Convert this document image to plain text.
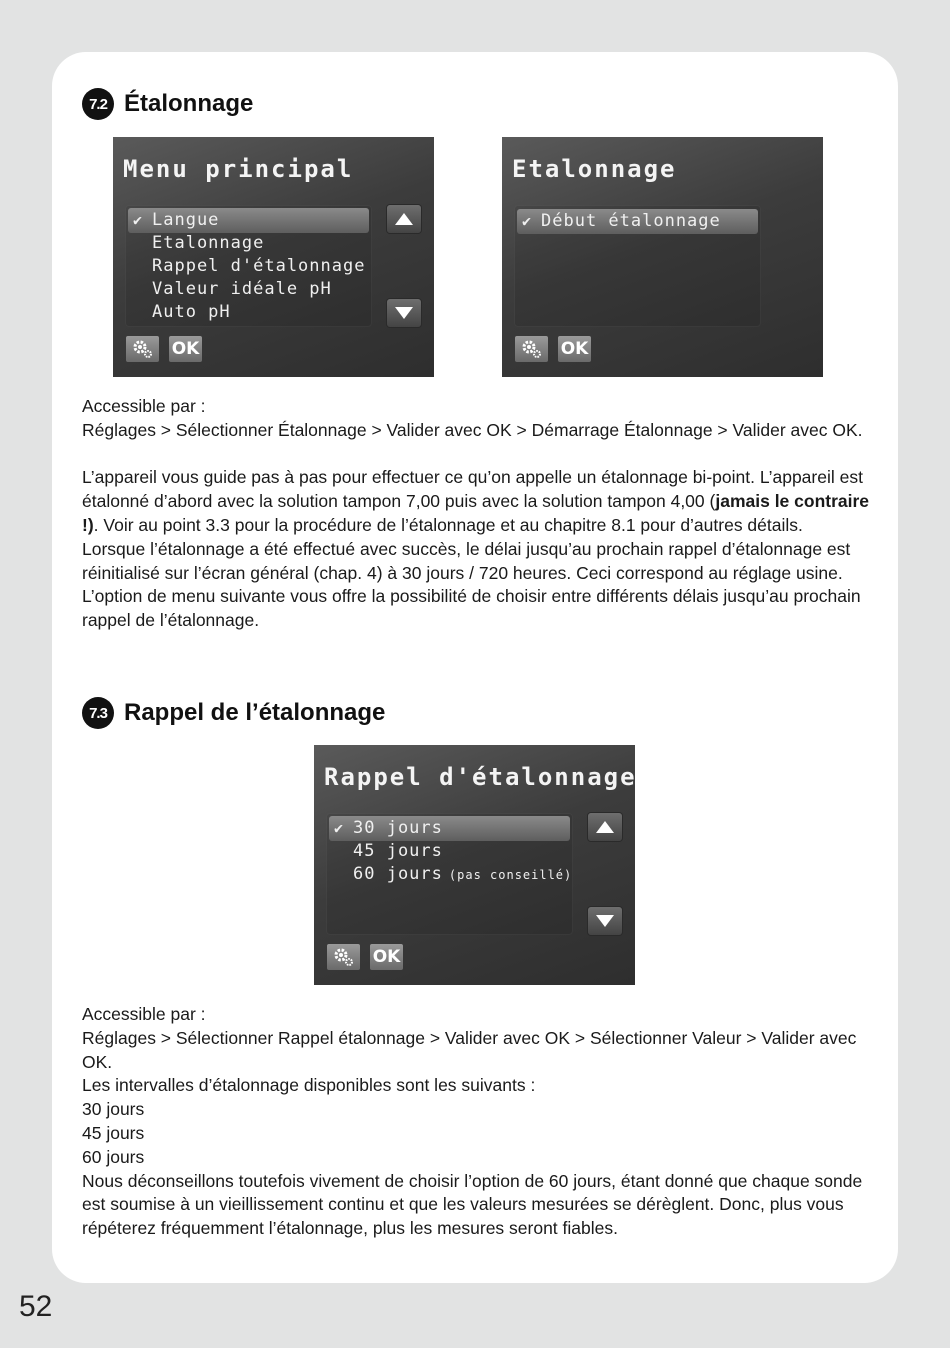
7.2 Étalonnage
Menu principal
✔ Langue
Etalonnage
Rappel d'étalonnage
Valeur idéale pH
Auto pH
OK
Etalonnage
✔ Début étalonnage
OK

Accessible par :

Réglages > Sélectionner Étalonnage > Valider avec OK > Démarrage Étalonnage > Valider avec OK.

L’appareil vous guide pas à pas pour effectuer ce qu’on appelle un étalonnage bi-point. L’appareil est étalonné d’abord avec la solution tampon 7,00 puis avec la solution tampon 4,00 (jamais le contraire !). Voir au point 3.3 pour la procédure de l’étalonnage et au chapitre 8.1 pour d’autres détails.

Lorsque l’étalonnage a été effectué avec succès, le délai jusqu’au prochain rappel d’étalonnage est réinitialisé sur l’écran général (chap. 4) à 30 jours / 720 heures. Ceci correspond au réglage usine. L’option de menu suivante vous offre la possibilité de choisir entre différents délais jusqu’au prochain rappel de l’étalonnage.

7.3 Rappel de l’étalonnage
Rappel d'étalonnage
✔ 30 jours
45 jours
60 jours (pas conseillé)
OK

Accessible par :

Réglages > Sélectionner Rappel étalonnage > Valider avec OK > Sélectionner Valeur > Valider avec OK.

Les intervalles d’étalonnage disponibles sont les suivants :

30 jours

45 jours

60 jours

Nous déconseillons toutefois vivement de choisir l’option de 60 jours, étant donné que chaque sonde est soumise à un vieillissement continu et que les valeurs mesurées se dérèglent. Donc, plus vous répéterez fréquemment l’étalonnage, plus les mesures seront fiables.

52
